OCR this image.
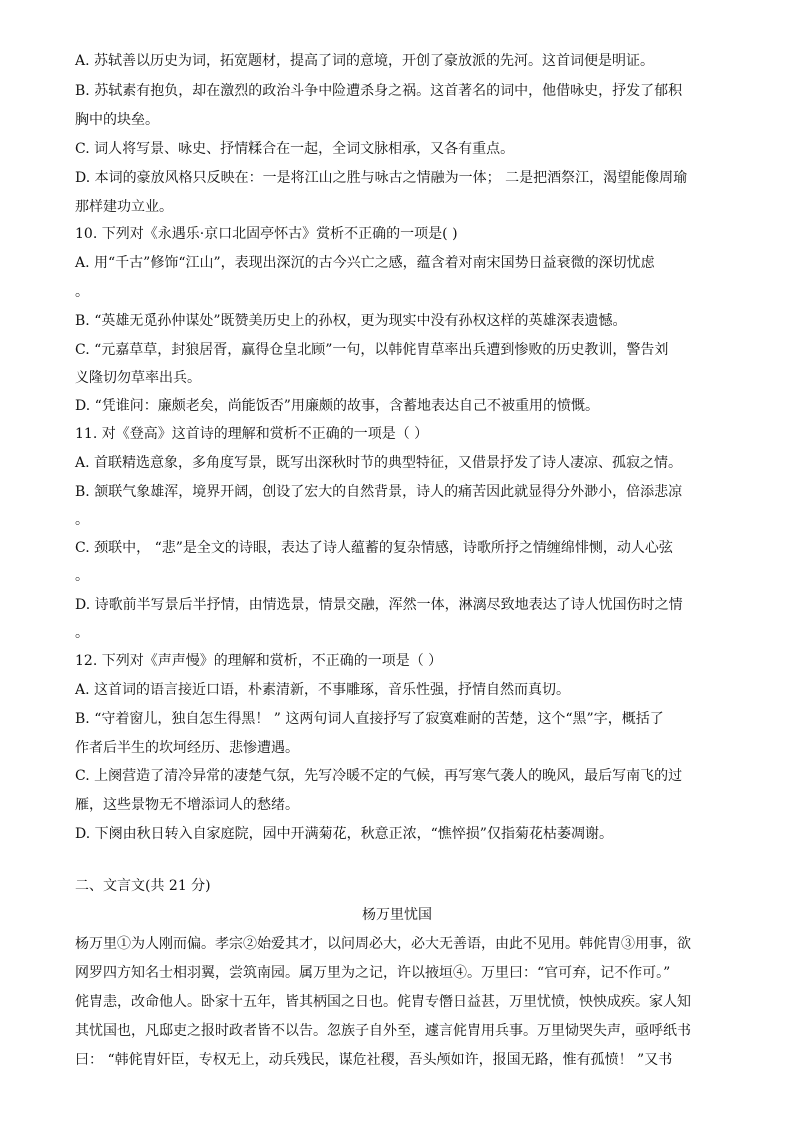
A. 苏轼善以历史为词，拓宽题材，提高了词的意境，开创了豪放派的先河。这首词便是明证。
B. 苏轼素有抱负，却在激烈的政治斗争中险遭杀身之祸。这首著名的词中，他借咏史，抒发了郁积
胸中的块垒。
C. 词人将写景、咏史、抒情糅合在一起，全词文脉相承，又各有重点。
D. 本词的豪放风格只反映在：一是将江山之胜与咏古之情融为一体； 二是把酒祭江，渴望能像周瑜
那样建功立业。
10. 下列对《永遇乐·京口北固亭怀古》赏析不正确的一项是( )
A. 用“千古”修饰“江山”，表现出深沉的古今兴亡之感，蕴含着对南宋国势日益衰微的深切忧虑
。
B. “英雄无觅孙仲谋处”既赞美历史上的孙权，更为现实中没有孙权这样的英雄深表遗憾。
C. “元嘉草草，封狼居胥，赢得仓皇北顾”一句，以韩侂胄草率出兵遭到惨败的历史教训，警告刘
义隆切勿草率出兵。
D. “凭谁问：廉颇老矣，尚能饭否”用廉颇的故事，含蓄地表达自己不被重用的愤慨。
11. 对《登高》这首诗的理解和赏析不正确的一项是（ ）
A. 首联精选意象，多角度写景，既写出深秋时节的典型特征，又借景抒发了诗人凄凉、孤寂之情。
B. 颔联气象雄浑，境界开阔，创设了宏大的自然背景，诗人的痛苦因此就显得分外渺小，倍添悲凉
。
C. 颈联中， “悲”是全文的诗眼，表达了诗人蕴蓄的复杂情感，诗歌所抒之情缠绵悱恻，动人心弦
。
D. 诗歌前半写景后半抒情，由情选景，情景交融，浑然一体，淋漓尽致地表达了诗人忧国伤时之情
。
12. 下列对《声声慢》的理解和赏析，不正确的一项是（ ）
A. 这首词的语言接近口语，朴素清新，不事雕琢，音乐性强，抒情自然而真切。
B. “守着窗儿，独自怎生得黑！ ” 这两句词人直接抒写了寂寞难耐的苦楚，这个“黑”字，概括了
作者后半生的坎坷经历、悲惨遭遇。
C. 上阕营造了清冷异常的凄楚气氛，先写冷暖不定的气候，再写寒气袭人的晚风，最后写南飞的过
雁，这些景物无不增添词人的愁绪。
D. 下阕由秋日转入自家庭院，园中开满菊花，秋意正浓，“憔悴损”仅指菊花枯萎凋谢。
二、文言文(共 21 分)
杨万里忧国
杨万里①为人刚而偏。孝宗②始爱其才，以问周必大，必大无善语，由此不见用。韩侂胄③用事，欲
网罗四方知名士相羽翼，尝筑南园。属万里为之记，许以掖垣④。万里曰：“官可弃，记不作可。”
侂胄恚，改命他人。卧家十五年，皆其柄国之日也。侂胄专僭日益甚，万里忧愤，怏怏成疾。家人知
其忧国也，凡邸吏之报时政者皆不以告。忽族子自外至，遽言侂胄用兵事。万里恸哭失声，亟呼纸书
曰： “韩侂胄奸臣，专权无上，动兵残民，谋危社稷，吾头颅如许，报国无路，惟有孤愤！ ”又书
